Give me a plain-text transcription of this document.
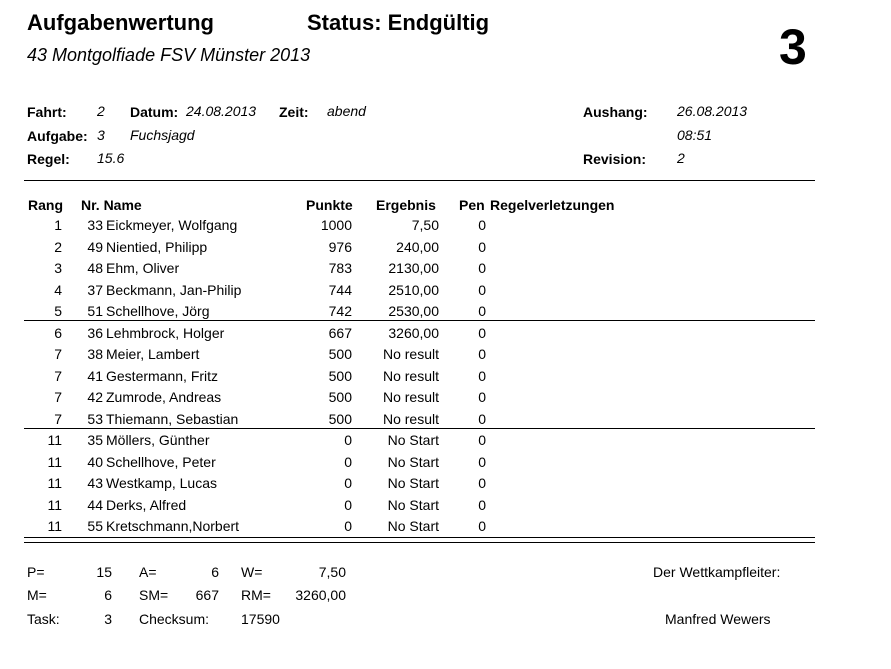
Aufgabenwertung	Status: Endgültig
43 Montgolfiade FSV Münster 2013	3
Fahrt: 2 Datum: 24.08.2013 Zeit: abend	Aushang: 26.08.2013
Aufgabe: 3 Fuchsjagd	08:51
Regel: 15.6	Revision: 2
Rang Nr. Name	Punkte Ergebnis Pen Regelverletzungen
1	33 Eickmeyer, Wolfgang	1000	7,50	0
2	49 Nientied, Philipp	976	240,00	0
3	48 Ehm, Oliver	783	2130,00	0
4	37 Beckmann, Jan-Philip	744	2510,00	0
5	51 Schellhove, Jörg	742	2530,00	0
6	36 Lehmbrock, Holger	667	3260,00	0
7	38 Meier, Lambert	500	No result	0
7	41 Gestermann, Fritz	500	No result	0
7	42 Zumrode, Andreas	500	No result	0
7	53 Thiemann, Sebastian	500	No result	0
11	35 Möllers, Günther	0	No Start	0
11	40 Schellhove, Peter	0	No Start	0
11	43 Westkamp, Lucas	0	No Start	0
11	44 Derks, Alfred	0	No Start	0
11	55 Kretschmann,Norbert	0	No Start	0
P=	15 A=	6 W=	7,50
M=	6 SM=	667 RM=	3260,00
Task:	3 Checksum: 17590
Der Wettkampfleiter:
Manfred Wewers
